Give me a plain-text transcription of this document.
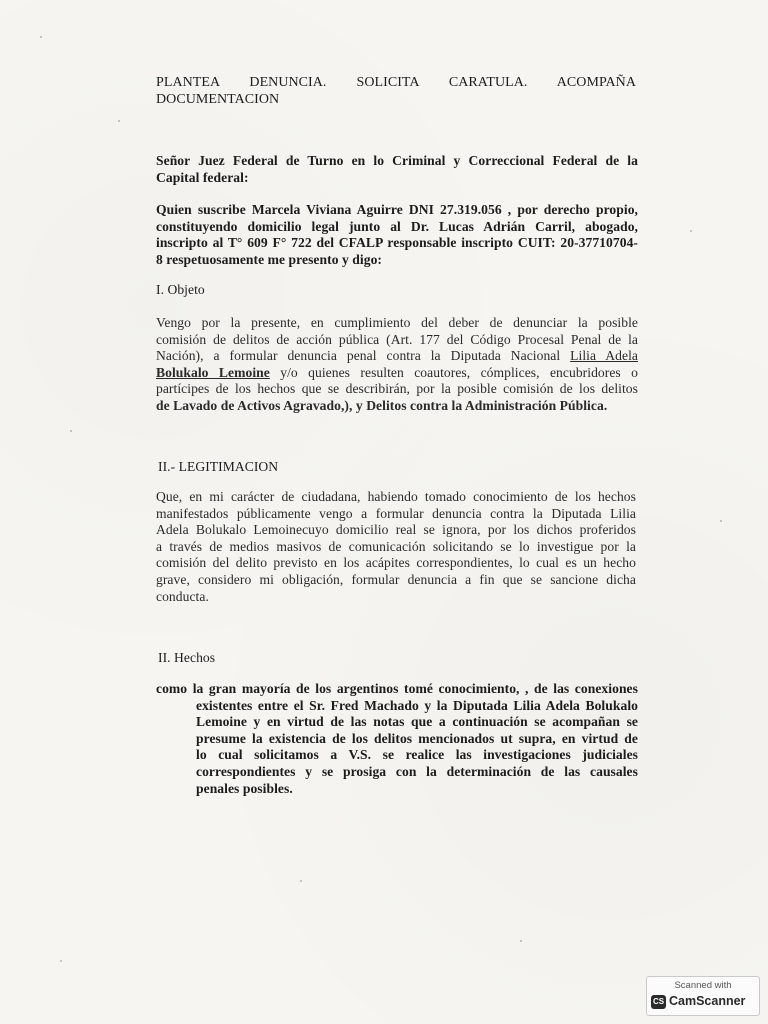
PLANTEA DENUNCIA. SOLICITA CARATULA. ACOMPAÑA
DOCUMENTACION
Señor Juez Federal de Turno en lo Criminal y Correccional Federal de la
Capital federal:
Quien suscribe Marcela Viviana Aguirre DNI 27.319.056 , por derecho propio,
constituyendo domicilio legal junto al Dr. Lucas Adrián Carril, abogado,
inscripto al T° 609 F° 722 del CFALP responsable inscripto CUIT: 20-37710704-
8 respetuosamente me presento y digo:
I. Objeto
Vengo por la presente, en cumplimiento del deber de denunciar la posible
comisión de delitos de acción pública (Art. 177 del Código Procesal Penal de la
Nación), a formular denuncia penal contra la Diputada Nacional Lilia Adela
Bolukalo Lemoine y/o quienes resulten coautores, cómplices, encubridores o
partícipes de los hechos que se describirán, por la posible comisión de los delitos
de Lavado de Activos Agravado,), y Delitos contra la Administración Pública.
II.- LEGITIMACION
Que, en mi carácter de ciudadana, habiendo tomado conocimiento de los hechos
manifestados públicamente vengo a formular denuncia contra la Diputada Lilia
Adela Bolukalo Lemoinecuyo domicilio real se ignora, por los dichos proferidos
a través de medios masivos de comunicación solicitando se lo investigue por la
comisión del delito previsto en los acápites correspondientes, lo cual es un hecho
grave, considero mi obligación, formular denuncia a fin que se sancione dicha
conducta.
II. Hechos
como la gran mayoría de los argentinos tomé conocimiento, , de las conexiones
existentes entre el Sr. Fred Machado y la Diputada Lilia Adela Bolukalo
Lemoine y en virtud de las notas que a continuación se acompañan se
presume la existencia de los delitos mencionados ut supra, en virtud de
lo cual solicitamos a V.S. se realice las investigaciones judiciales
correspondientes y se prosiga con la determinación de las causales
penales posibles.
Scanned with
CS CamScanner
